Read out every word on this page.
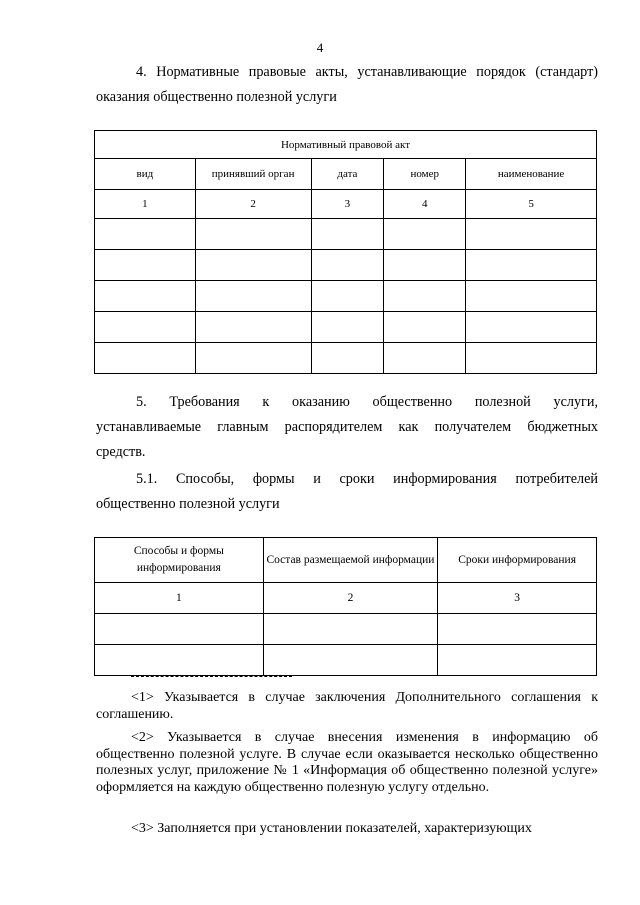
4
4. Нормативные правовые акты, устанавливающие порядок (стандарт)
оказания общественно полезной услуги
Нормативный правовой акт				
вид	принявший орган	дата	номер	наименование
1	2	3	4	5

5. Требования к оказанию общественно полезной услуги,
устанавливаемые главным распорядителем как получателем бюджетных
средств.
5.1. Способы, формы и сроки информирования потребителей
общественно полезной услуги
Способы и формы информирования	Состав размещаемой информации	Сроки информирования
1	2	3

<1> Указывается в случае заключения Дополнительного соглашения к соглашению.
<2> Указывается в случае внесения изменения в информацию об общественно полезной услуге. В случае если оказывается несколько общественно полезных услуг, приложение № 1 «Информация об общественно полезной услуге» оформляется на каждую общественно полезную услугу отдельно.
<3> Заполняется при установлении показателей, характеризующих
